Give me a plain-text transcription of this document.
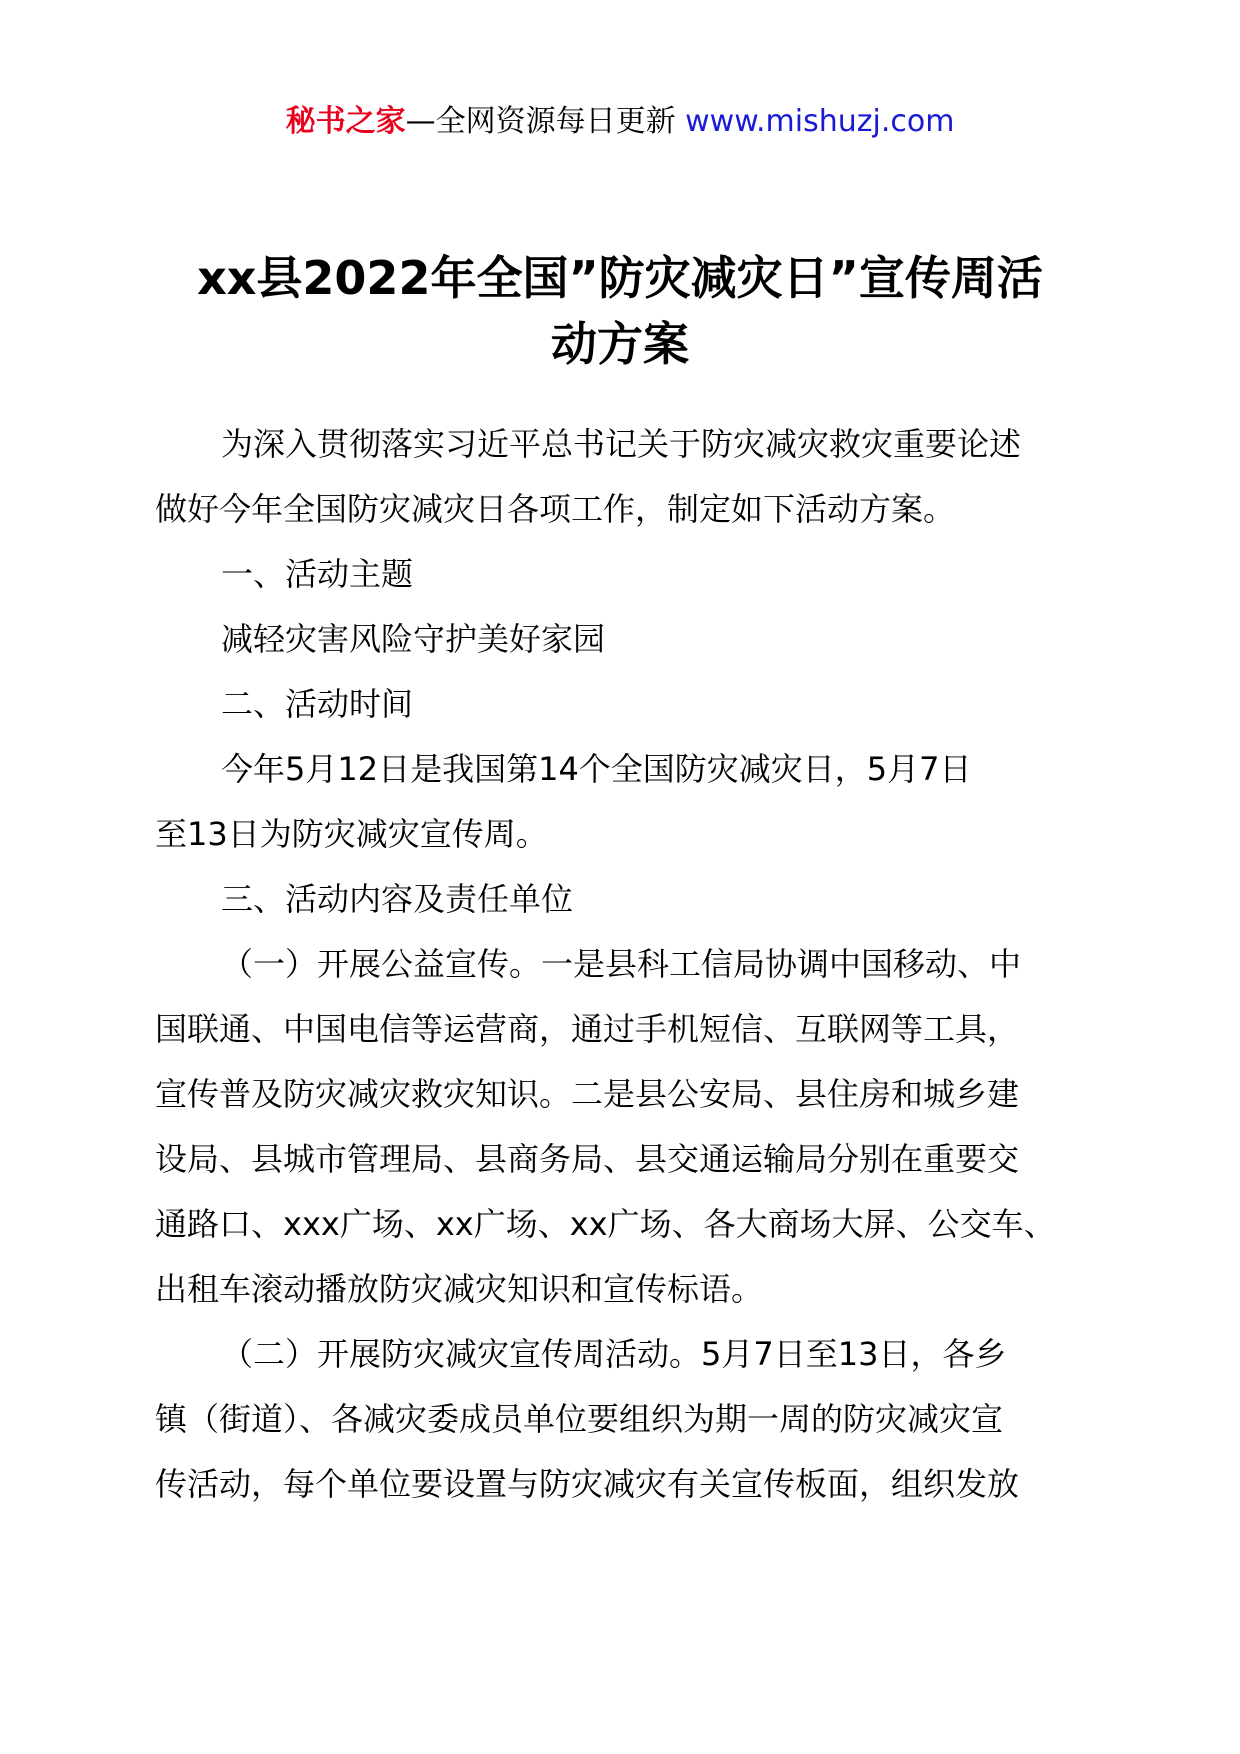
秘书之家—全网资源每日更新 www.mishuzj.com
xx县2022年全国”防灾减灾日”宣传周活
动方案
为深入贯彻落实习近平总书记关于防灾减灾救灾重要论述
做好今年全国防灾减灾日各项工作，制定如下活动方案。
一、活动主题
减轻灾害风险守护美好家园
二、活动时间
今年5月12日是我国第14个全国防灾减灾日，5月7日
至13日为防灾减灾宣传周。
三、活动内容及责任单位
（一）开展公益宣传。一是县科工信局协调中国移动、中
国联通、中国电信等运营商，通过手机短信、互联网等工具，
宣传普及防灾减灾救灾知识。二是县公安局、县住房和城乡建
设局、县城市管理局、县商务局、县交通运输局分别在重要交
通路口、xxx广场、xx广场、xx广场、各大商场大屏、公交车、
出租车滚动播放防灾减灾知识和宣传标语。
（二）开展防灾减灾宣传周活动。5月7日至13日，各乡
镇（街道）、各减灾委成员单位要组织为期一周的防灾减灾宣
传活动，每个单位要设置与防灾减灾有关宣传板面，组织发放
